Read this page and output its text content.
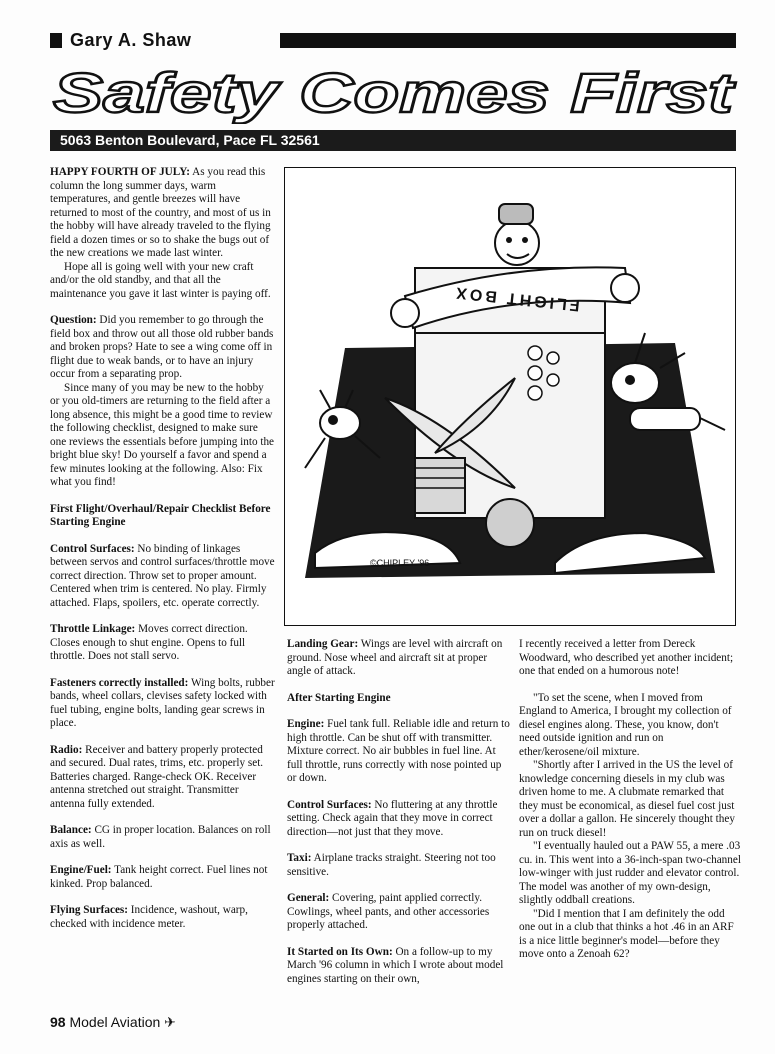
Gary A. Shaw
Safety Comes First
5063 Benton Boulevard, Pace FL 32561

HAPPY FOURTH OF JULY: As you read this column the long summer days, warm temperatures, and gentle breezes will have returned to most of the country, and most of us in the hobby will have already traveled to the flying field a dozen times or so to shake the bugs out of the new creations we made last winter.

Hope all is going well with your new craft and/or the old standby, and that all the maintenance you gave it last winter is paying off.

Question: Did you remember to go through the field box and throw out all those old rubber bands and broken props? Hate to see a wing come off in flight due to weak bands, or to have an injury occur from a separating prop.

Since many of you may be new to the hobby or you old-timers are returning to the field after a long absence, this might be a good time to review the following checklist, designed to make sure one reviews the essentials before jumping into the bright blue sky! Do yourself a favor and spend a few minutes looking at the following. Also: Fix what you find!

First Flight/Overhaul/Repair Checklist Before Starting Engine

Control Surfaces: No binding of linkages between servos and control surfaces/throttle move correct direction. Throw set to proper amount. Centered when trim is centered. No play. Firmly attached. Flaps, spoilers, etc. operate correctly.

Throttle Linkage: Moves correct direction. Closes enough to shut engine. Opens to full throttle. Does not stall servo.

Fasteners correctly installed: Wing bolts, rubber bands, wheel collars, clevises safety locked with fuel tubing, engine bolts, landing gear screws in place.

Radio: Receiver and battery properly protected and secured. Dual rates, trims, etc. properly set. Batteries charged. Range-check OK. Receiver antenna stretched out straight. Transmitter antenna fully extended.

Balance: CG in proper location. Balances on roll axis as well.

Engine/Fuel: Tank height correct. Fuel lines not kinked. Prop balanced.

Flying Surfaces: Incidence, washout, warp, checked with incidence meter.

FLIGHT BOX
©CHIPLEY '96

Landing Gear: Wings are level with aircraft on ground. Nose wheel and aircraft sit at proper angle of attack.

After Starting Engine

Engine: Fuel tank full. Reliable idle and return to high throttle. Can be shut off with transmitter. Mixture correct. No air bubbles in fuel line. At full throttle, runs correctly with nose pointed up or down.

Control Surfaces: No fluttering at any throttle setting. Check again that they move in correct direction—not just that they move.

Taxi: Airplane tracks straight. Steering not too sensitive.

General: Covering, paint applied correctly. Cowlings, wheel pants, and other accessories properly attached.

It Started on Its Own: On a follow-up to my March '96 column in which I wrote about model engines starting on their own,

I recently received a letter from Dereck Woodward, who described yet another incident; one that ended on a humorous note!

"To set the scene, when I moved from England to America, I brought my collection of diesel engines along. These, you know, don't need outside ignition and run on ether/kerosene/oil mixture.

"Shortly after I arrived in the US the level of knowledge concerning diesels in my club was driven home to me. A clubmate remarked that they must be economical, as diesel fuel cost just over a dollar a gallon. He sincerely thought they run on truck diesel!

"I eventually hauled out a PAW 55, a mere .03 cu. in. This went into a 36-inch-span two-channel low-winger with just rudder and elevator control. The model was another of my own-design, slightly oddball creations.

"Did I mention that I am definitely the odd one out in a club that thinks a hot .46 in an ARF is a nice little beginner's model—before they move onto a Zenoah 62?

98 Model Aviation ✈
